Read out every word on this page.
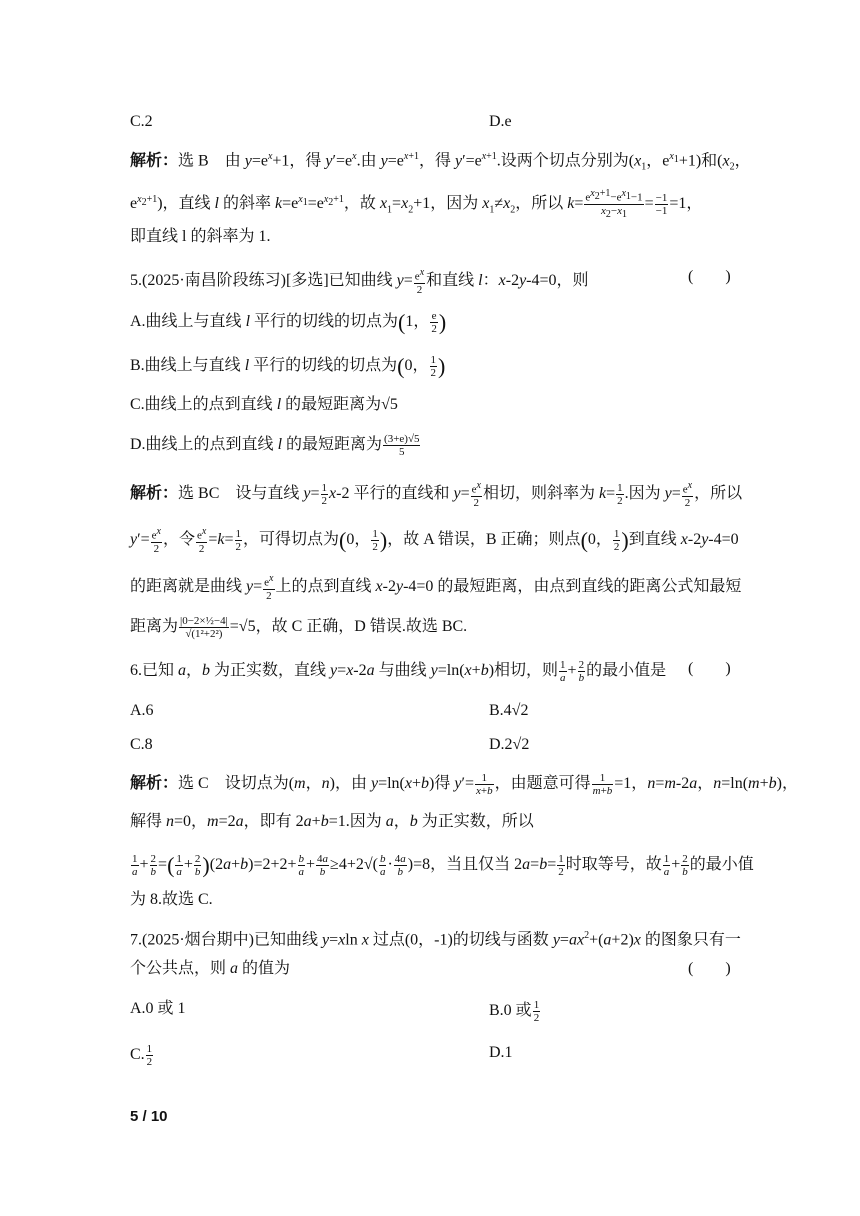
C.2	D.e
解析：选 B　由 $y=e^x+1$，得 $y'=e^x$.由 $y=e^{x+1}$，得 $y'=e^{x+1}$.设两个切点分别为($x_1$，$e^{x_1}+1$)和($x_2$，
$e^{x_2+1}$)，直线 l 的斜率 $k=e^{x_1}=e^{x_2+1}$，故 $x_1=x_2+1$，因为 $x_1\ne x_2$，所以 $k= \frac{e^{x_2+1}-e^{x_1}-1}{x_2-x_1} = \frac{-1}{-1} =1$，
即直线 l 的斜率为 1.
5.(2025·南昌阶段练习)[多选]已知曲线 $y= \frac{e^x}{2}$ 和直线 l：x-2y-4=0，则	(　　)
A.曲线上与直线 l 平行的切线的切点为(1， $\frac{e}{2}$ )
B.曲线上与直线 l 平行的切线的切点为(0， $\frac{1}{2}$ )
C.曲线上的点到直线 l 的最短距离为√5
D.曲线上的点到直线 l 的最短距离为 $\frac{(3+e)√5}{5}$
解析：选 BC　设与直线 $y= \frac{1}{2} x-2$ 平行的直线和 $y= \frac{e^x}{2}$ 相切，则斜率为 $k= \frac{1}{2}$ .因为 $y= \frac{e^x}{2}$ ，所以
$y'= \frac{e^x}{2}$ ，令 $\frac{e^x}{2} =k= \frac{1}{2}$ ，可得切点为(0， $\frac{1}{2}$ )，故 A 错误，B 正确；则点(0， $\frac{1}{2}$ )到直线 x-2y-4=0
的距离就是曲线 $y= \frac{e^x}{2}$ 上的点到直线 x-2y-4=0 的最短距离，由点到直线的距离公式知最短
距离为 $\frac{\text{|0−2×½−4|}}{\text{√(1²+2²)}} =√5$，故 C 正确，D 错误.故选 BC.
6.已知 a，b 为正实数，直线 y=x-2a 与曲线 y=ln(x+b)相切，则 $\frac{1}{a} + \frac{2}{b}$ 的最小值是 (　　)
A.6	B.4√2
C.8	D.2√2
解析：选 C　设切点为(m，n)，由 y=ln(x+b)得 $y'= \frac{1}{x+b}$ ，由题意可得 $\frac{1}{m+b} =1$，n=m-2a，n=ln(m+b)，
解得 n=0，m=2a，即有 2a+b=1.因为 a，b 为正实数，所以
$\frac{1}{a} + \frac{2}{b}$ =( $\frac{1}{a} + \frac{2}{b} )(2a+b)=2+2+ \frac{b}{a} + \frac{4a}{b} \ge 4+2√( \frac{b}{a} \cdot \frac{4a}{b} )=8$，当且仅当 $2a=b= \frac{1}{2}$ 时取等号，故 $\frac{1}{a} + \frac{2}{b}$ 的最小值
为 8.故选 C.
7.(2025·烟台期中)已知曲线 y=xln x 过点(0，-1)的切线与函数 $y=ax^2+(a+2)x$ 的图象只有一
个公共点，则 a 的值为	(　　)
A.0 或 1	B.0 或 $\frac{1}{2}$
C. $\frac{1}{2}$	D.1
5 / 10
